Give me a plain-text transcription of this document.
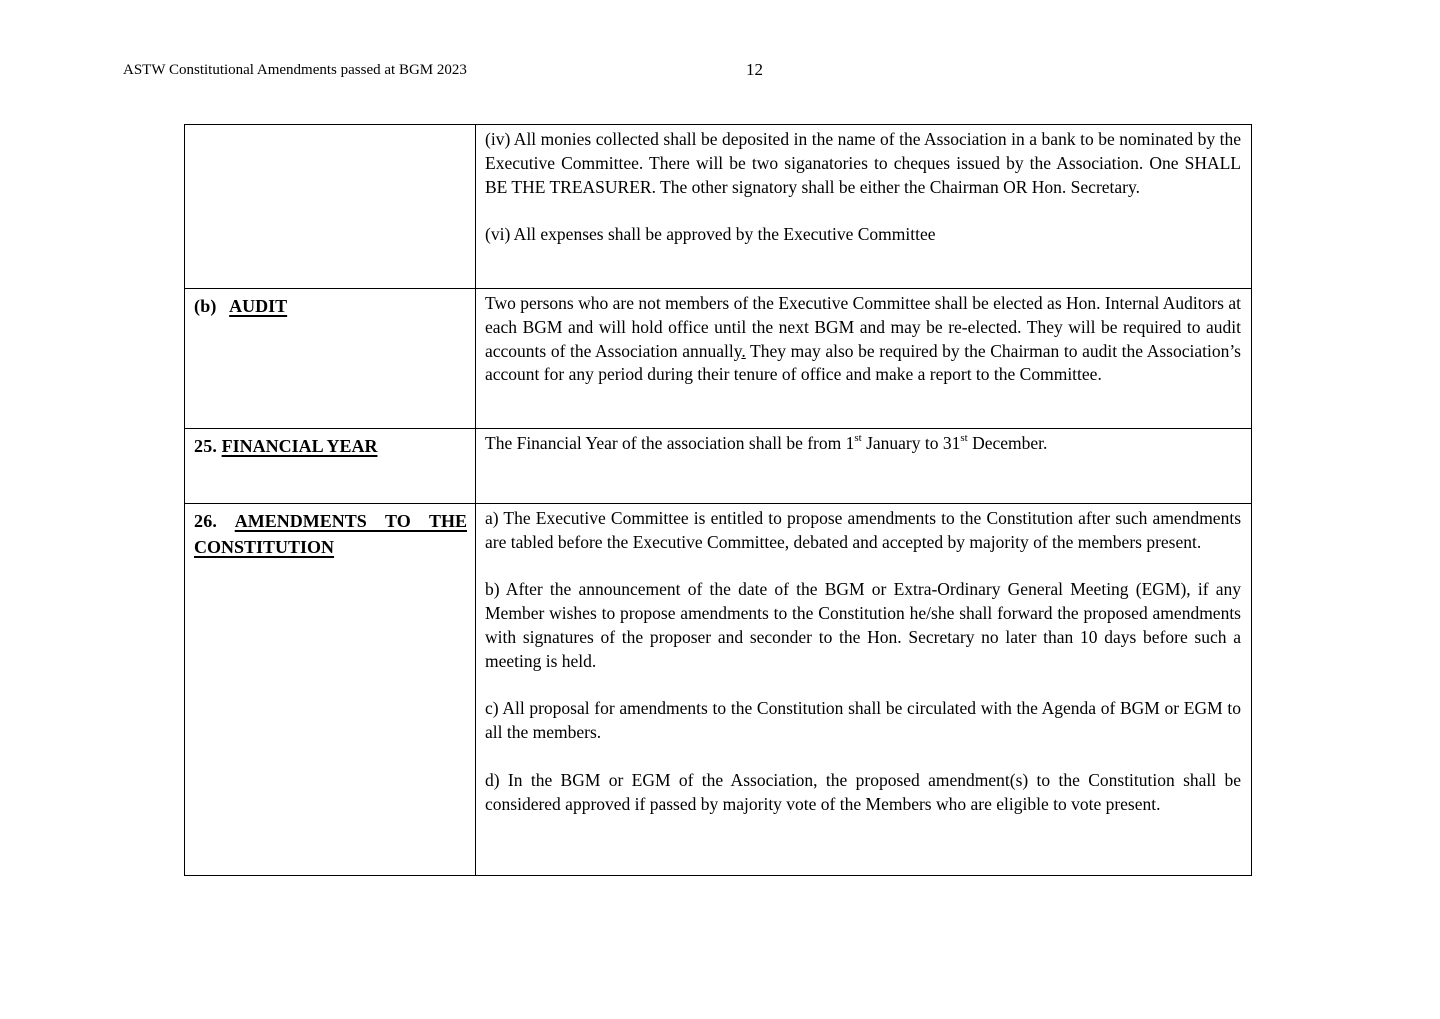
ASTW Constitutional Amendments passed at BGM 2023	12

	(iv) All monies collected shall be deposited in the name of the Association in a bank to be nominated by the Executive Committee. There will be two siganatories to cheques issued by the Association. One SHALL BE THE TREASURER. The other signatory shall be either the Chairman OR Hon. Secretary.

(vi) All expenses shall be approved by the Executive Committee

(b) AUDIT	Two persons who are not members of the Executive Committee shall be elected as Hon. Internal Auditors at each BGM and will hold office until the next BGM and may be re-elected. They will be required to audit accounts of the Association annually. They may also be required by the Chairman to audit the Association’s account for any period during their tenure of office and make a report to the Committee.

25. FINANCIAL YEAR	The Financial Year of the association shall be from 1st January to 31st December.

26. AMENDMENTS TO THE CONSTITUTION	a) The Executive Committee is entitled to propose amendments to the Constitution after such amendments are tabled before the Executive Committee, debated and accepted by majority of the members present.

b) After the announcement of the date of the BGM or Extra-Ordinary General Meeting (EGM), if any Member wishes to propose amendments to the Constitution he/she shall forward the proposed amendments with signatures of the proposer and seconder to the Hon. Secretary no later than 10 days before such a meeting is held.

c) All proposal for amendments to the Constitution shall be circulated with the Agenda of BGM or EGM to all the members.

d) In the BGM or EGM of the Association, the proposed amendment(s) to the Constitution shall be considered approved if passed by majority vote of the Members who are eligible to vote present.
